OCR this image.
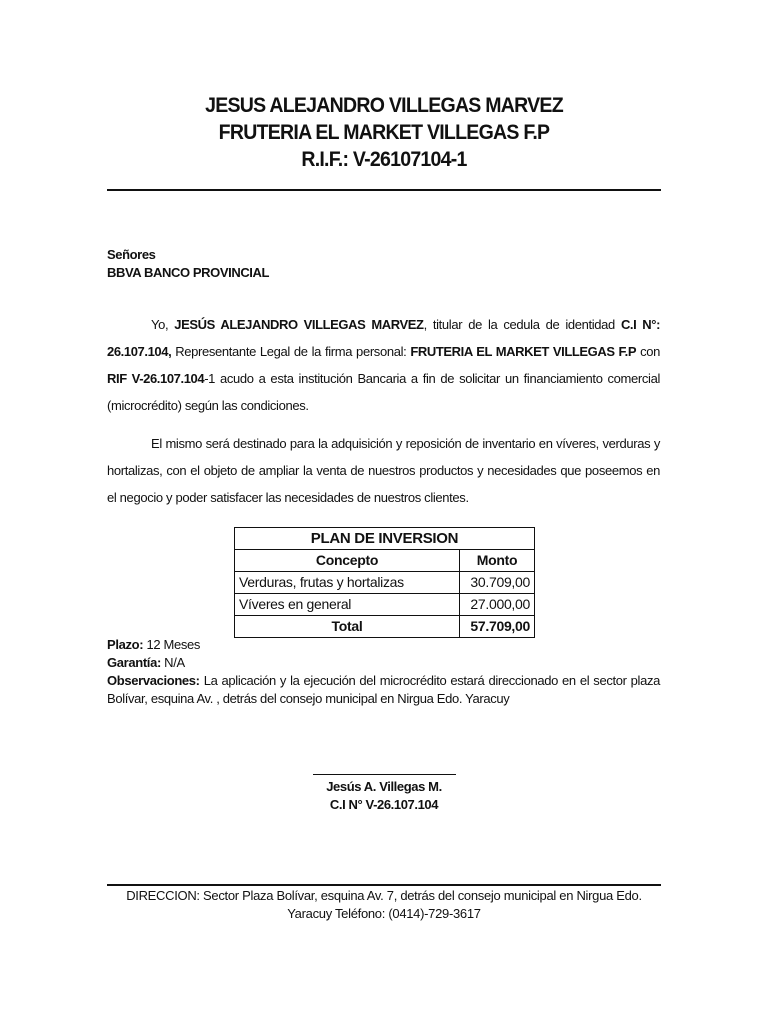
JESUS ALEJANDRO VILLEGAS MARVEZ
FRUTERIA EL MARKET VILLEGAS F.P
R.I.F.: V-26107104-1
Señores
BBVA BANCO PROVINCIAL
Yo, JESÚS ALEJANDRO VILLEGAS MARVEZ, titular de la cedula de identidad C.I N°: 26.107.104, Representante Legal de la firma personal: FRUTERIA EL MARKET VILLEGAS F.P con RIF V-26.107.104-1 acudo a esta institución Bancaria a fin de solicitar un financiamiento comercial (microcrédito) según las condiciones.
El mismo será destinado para la adquisición y reposición de inventario en víveres, verduras y hortalizas, con el objeto de ampliar la venta de nuestros productos y necesidades que poseemos en el negocio y poder satisfacer las necesidades de nuestros clientes.
PLAN DE INVERSION	
Concepto	Monto
Verduras, frutas y hortalizas	30.709,00
Víveres en general	27.000,00
Total	57.709,00
Plazo: 12 Meses
Garantía: N/A
Observaciones: La aplicación y la ejecución del microcrédito estará direccionado en el sector plaza Bolívar, esquina Av. , detrás del consejo municipal en Nirgua Edo. Yaracuy
Jesús A. Villegas M.
C.I N° V-26.107.104
DIRECCION: Sector Plaza Bolívar, esquina Av. 7, detrás del consejo municipal en Nirgua Edo.
Yaracuy Teléfono: (0414)-729-3617
